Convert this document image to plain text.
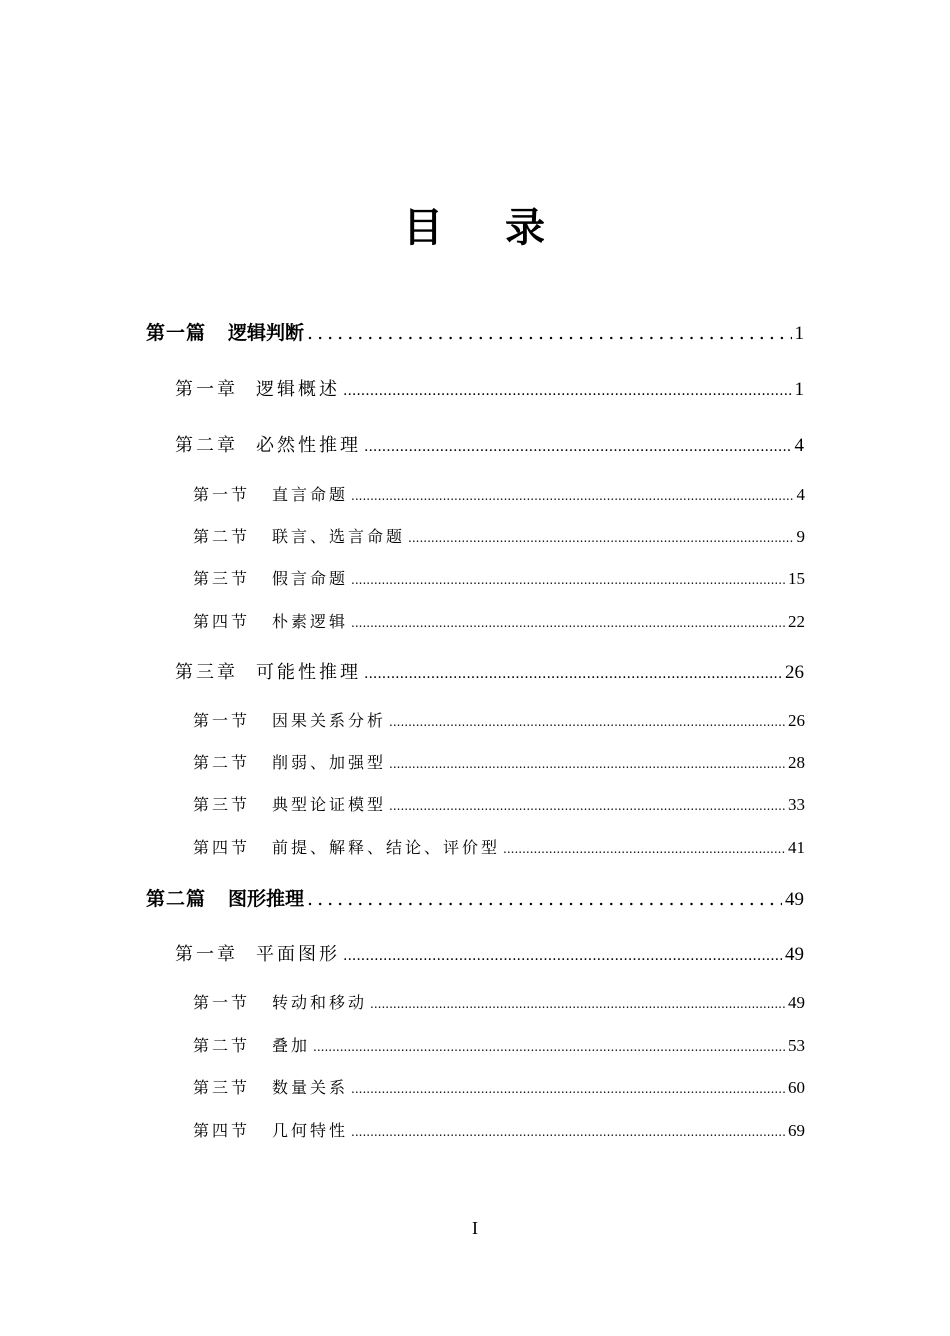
目 录
第一篇 逻辑判断 .....	1
第一章 逻辑概述 .....	1
第二章 必然性推理 .....	4
第一节 直言命题 .....	4
第二节 联言、选言命题 .....	9
第三节 假言命题 .....	15
第四节 朴素逻辑 .....	22
第三章 可能性推理 .....	26
第一节 因果关系分析 .....	26
第二节 削弱、加强型 .....	28
第三节 典型论证模型 .....	33
第四节 前提、解释、结论、评价型 .....	41
第二篇 图形推理 .....	49
第一章 平面图形 .....	49
第一节 转动和移动 .....	49
第二节 叠加 .....	53
第三节 数量关系 .....	60
第四节 几何特性 .....	69
I
